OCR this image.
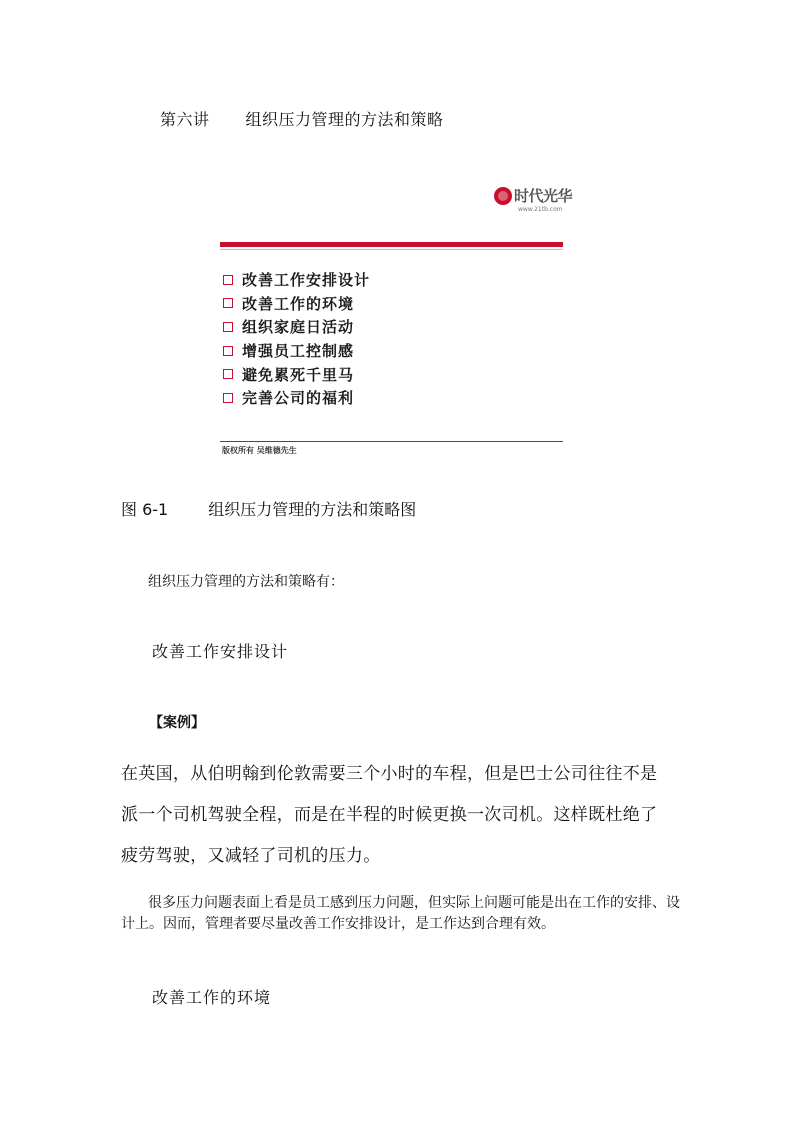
第六讲 组织压力管理的方法和策略
时代光华
www.21tb.com
改善工作安排设计
改善工作的环境
组织家庭日活动
增强员工控制感
避免累死千里马
完善公司的福利
版权所有 吴维德先生
图 6-1	组织压力管理的方法和策略图
组织压力管理的方法和策略有：
改善工作安排设计
【案例】
在英国，从伯明翰到伦敦需要三个小时的车程，但是巴士公司往往不是
派一个司机驾驶全程，而是在半程的时候更换一次司机。这样既杜绝了
疲劳驾驶，又减轻了司机的压力。
很多压力问题表面上看是员工感到压力问题，但实际上问题可能是出在工作的安排、设
计上。因而，管理者要尽量改善工作安排设计，是工作达到合理有效。
改善工作的环境
